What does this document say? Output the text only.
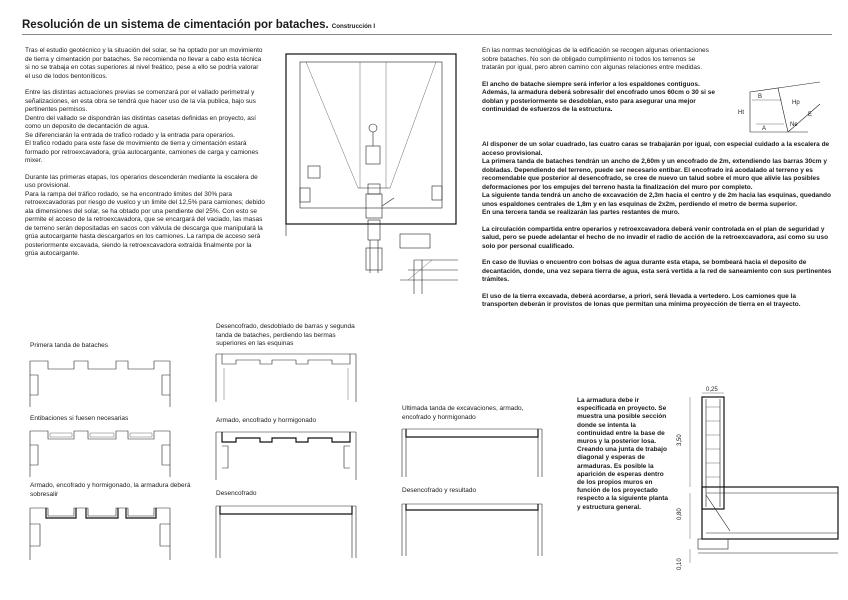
Resolución de un sistema de cimentación por bataches. Construcción I

Tras el estudio geotécnico y la situación del solar, se ha optado por un movimiento de tierra y cimentación por bataches. Se recomienda no llevar a cabo esta técnica si no se trabaja en cotas superiores al nivel freático, pese a ello se podría valorar el uso de lodos bentoníticos.

Entre las distintas actuaciones previas se comenzará por el vallado perimetral y señalizaciones, en esta obra se tendrá que hacer uso de la vía publica, bajo sus pertinentes permisos.

Dentro del vallado se dispondrán las distintas casetas definidas en proyecto, así como un deposito de decantación de agua.

Se diferenciarán la entrada de trafico rodado y la entrada para operarios.

El trafico rodado para este fase de movimiento de tierra y cimentación estará formado por retroexcavadora, grúa autocargante, camiones de carga y camiones mixer.

Durante las primeras etapas, los operarios descenderán mediante la escalera de uso provisional.

Para la rampa del tráfico rodado, se ha encontrado limites del 30% para retroexcavadoras por riesgo de vuelco y un limite del 12,5% para camiones; debido ala dimensiones del solar, se ha obtado por una pendiente del 25%. Con esto se permite el acceso de la retroexcavadora, que se encargará del vaciado, las masas de terreno serán depositadas en sacos con válvula de descarga que manipulará la grúa autocargante hasta descargarlos en los camiones. La rampa de acceso será posteriormente excavada, siendo la retroexcavadora extraída finalmente por la grúa autocargante.

En las normas tecnológicas de la edificación se recogen algunas orientaciones sobre bataches. No son de obligado cumplimiento ni todos los terrenos se tratarán por igual, pero abren camino con algunas relaciones entre medidas.

El ancho de batache siempre será inferior a los espaldones contiguos. Además, la armadura deberá sobresalir del encofrado unos 60cm o 30 si se doblan y posteriormente se desdoblan, esto para asegurar una mejor continuidad de esfuerzos de la estructura.	Ht
B
A
Hp
Ne
E

Al disponer de un solar cuadrado, las cuatro caras se trabajarán por igual, con especial cuidado a la escalera de acceso provisional.

La primera tanda de bataches tendrán un ancho de 2,60m y un encofrado de 2m, extendiendo las barras 30cm y dobladas. Dependiendo del terreno, puede ser necesario entibar. El encofrado irá acodalado al terreno y es recomendable que posterior al desencofrado, se cree de nuevo un talud sobre el muro que alivie las posibles deformaciones por los empujes del terreno hasta la finalización del muro por completo.

La siguiente tanda tendrá un ancho de excavación de 2,3m hacia el centro y de 2m hacia las esquinas, quedando unos espaldones centrales de 1,8m y en las esquinas de 2x2m, perdiendo el metro de berma superior.

En una tercera tanda se realizarán las partes restantes de muro.

La circulación compartida entre operarios y retroexcavadora deberá venir controlada en el plan de seguridad y salud, pero se puede adelantar el hecho de no invadir el radio de acción de la retroexcavadora, así como su uso solo por personal cualificado.

En caso de lluvias o encuentro con bolsas de agua durante esta etapa, se bombeará hacia el deposito de decantación, donde, una vez separa tierra de agua, esta será vertida a la red de saneamiento con sus pertinentes trámites.

El uso de la tierra excavada, deberá acordarse, a priori, será llevada a vertedero. Los camiones que la transporten deberán ir provistos de lonas que permitan una mínima proyección de tierra en el trayecto.

Primera tanda de bataches
Entibaciones si fuesen necesarias
Armado, encofrado y hormigonado, la armadura deberá sobresalir
Desencofrado, desdoblado de barras y segunda tanda de bataches, perdiendo las bermas superiores en las esquinas
Armado, encofrado y hormigonado
Desencofrado
Ultimada tanda de excavaciones, armado, encofrado y hormigonado
Desencofrado y resultado
La armadura debe ir especificada en proyecto. Se muestra una posible sección donde se intenta la continuidad entre la base de muros y la posterior losa. Creando una junta de trabajo diagonal y esperas de armaduras. Es posible la aparición de esperas dentro de los propios muros en función de los proyectado respecto a la siguiente planta y estructura general.
0,25
3,50
0,80
0,10
